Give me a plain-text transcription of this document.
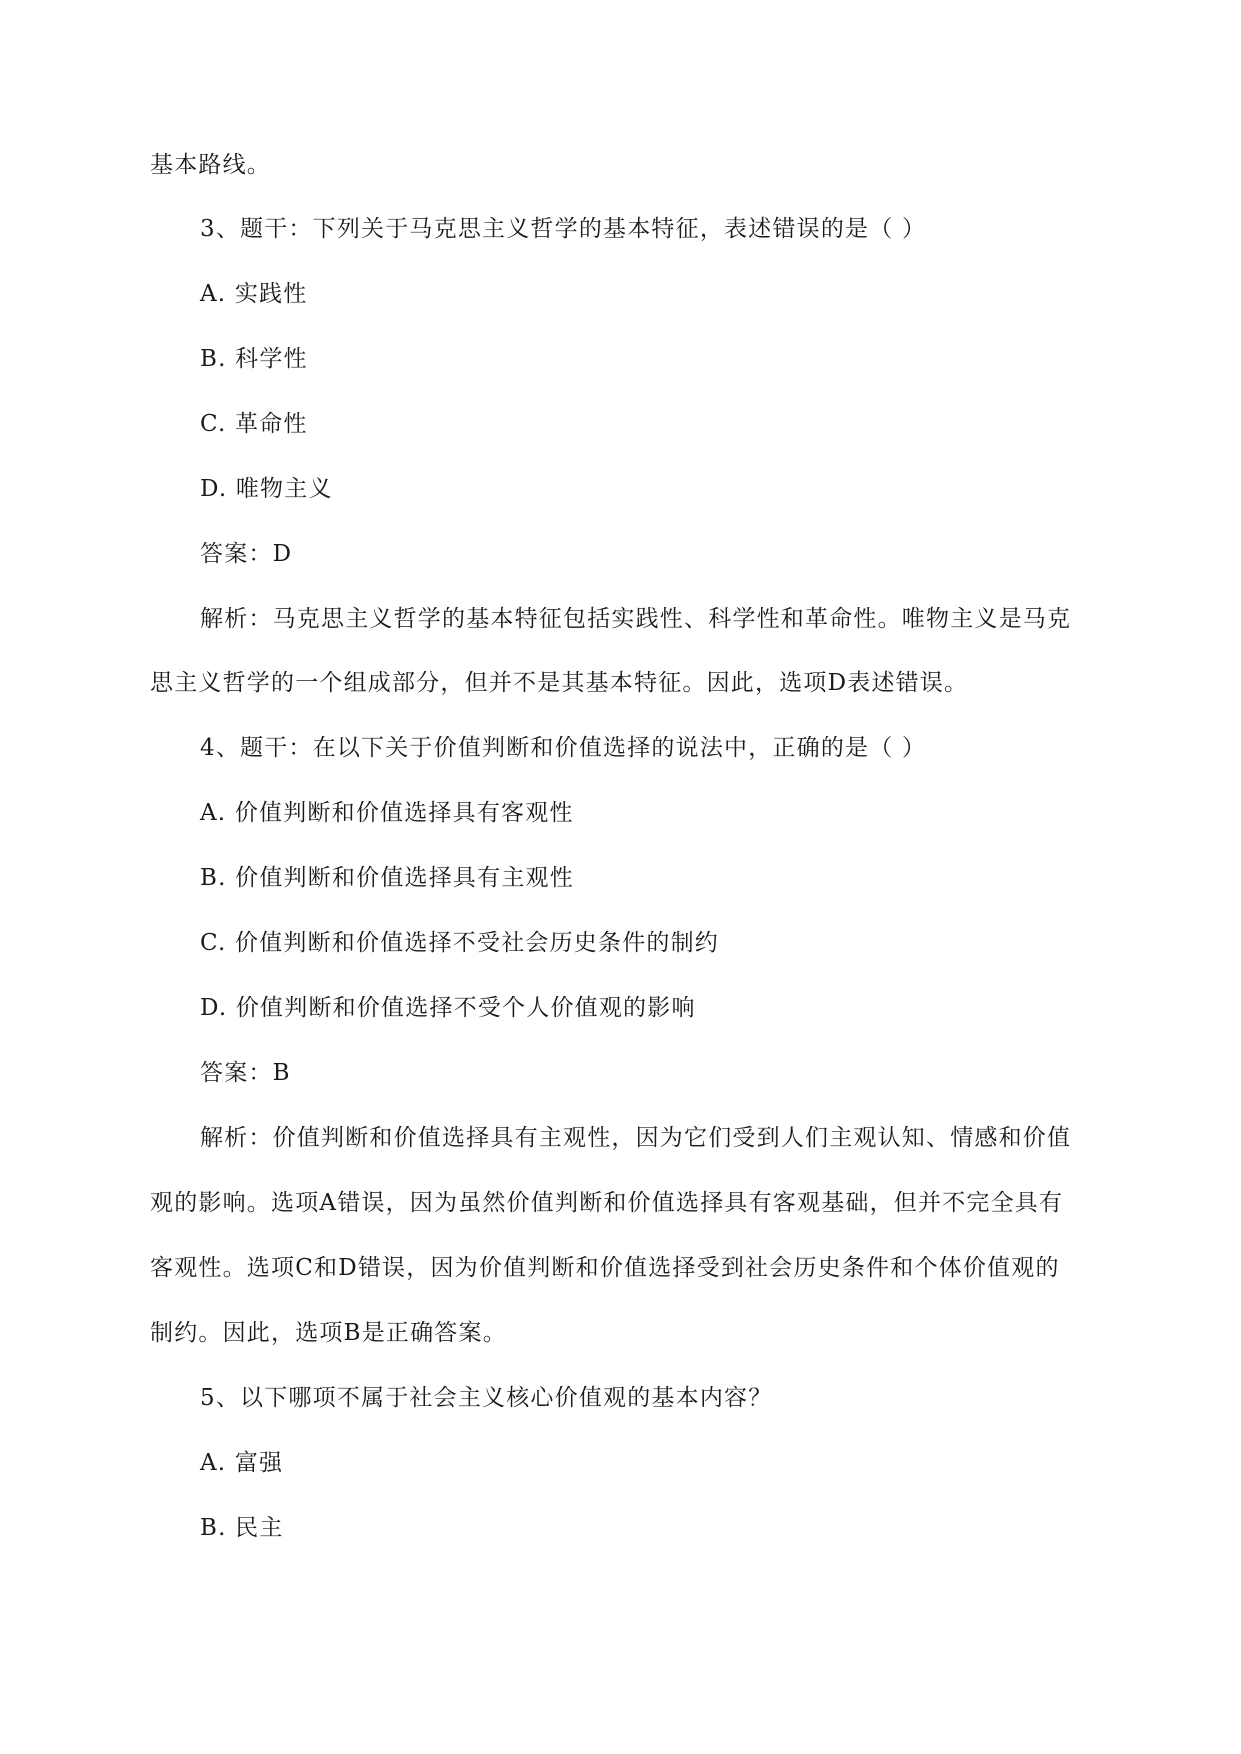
基本路线。

3、题干：下列关于马克思主义哲学的基本特征，表述错误的是（ ）

A. 实践性

B. 科学性

C. 革命性

D. 唯物主义

答案：D

解析：马克思主义哲学的基本特征包括实践性、科学性和革命性。唯物主义是马克

思主义哲学的一个组成部分，但并不是其基本特征。因此，选项D表述错误。

4、题干：在以下关于价值判断和价值选择的说法中，正确的是（ ）

A. 价值判断和价值选择具有客观性

B. 价值判断和价值选择具有主观性

C. 价值判断和价值选择不受社会历史条件的制约

D. 价值判断和价值选择不受个人价值观的影响

答案：B

解析：价值判断和价值选择具有主观性，因为它们受到人们主观认知、情感和价值

观的影响。选项A错误，因为虽然价值判断和价值选择具有客观基础，但并不完全具有

客观性。选项C和D错误，因为价值判断和价值选择受到社会历史条件和个体价值观的

制约。因此，选项B是正确答案。

5、以下哪项不属于社会主义核心价值观的基本内容？

A. 富强

B. 民主
